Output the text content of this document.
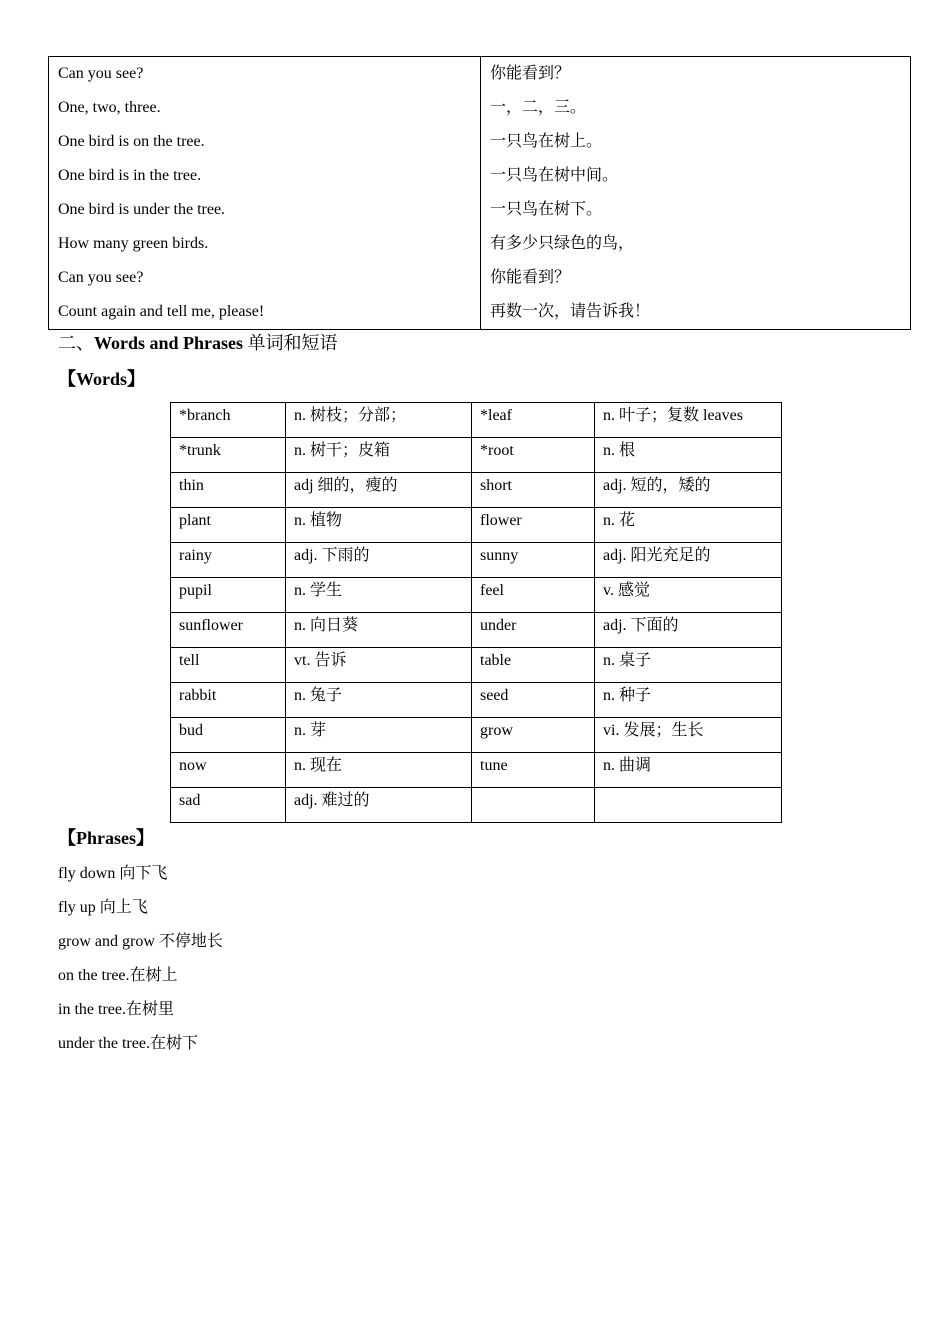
Can you see?	你能看到？
One, two, three.	一，二，三。
One bird is on the tree.	一只鸟在树上。
One bird is in the tree.	一只鸟在树中间。
One bird is under the tree.	一只鸟在树下。
How many green birds.	有多少只绿色的鸟，
Can you see?	你能看到？
Count again and tell me, please!	再数一次，请告诉我！
二、Words and Phrases 单词和短语
【Words】
*branch	n. 树枝；分部；	*leaf	n. 叶子；复数 leaves
*trunk	n. 树干；皮箱	*root	n. 根
thin	adj 细的，瘦的	short	adj. 短的，矮的
plant	n. 植物	flower	n. 花
rainy	adj. 下雨的	sunny	adj. 阳光充足的
pupil	n. 学生	feel	v. 感觉
sunflower	n. 向日葵	under	adj. 下面的
tell	vt. 告诉	table	n. 桌子
rabbit	n. 兔子	seed	n. 种子
bud	n. 芽	grow	vi. 发展；生长
now	n. 现在	tune	n. 曲调
sad	adj. 难过的		
【Phrases】
fly down 向下飞
fly up 向上飞
grow and grow 不停地长
on the tree.在树上
in the tree.在树里
under the tree.在树下
